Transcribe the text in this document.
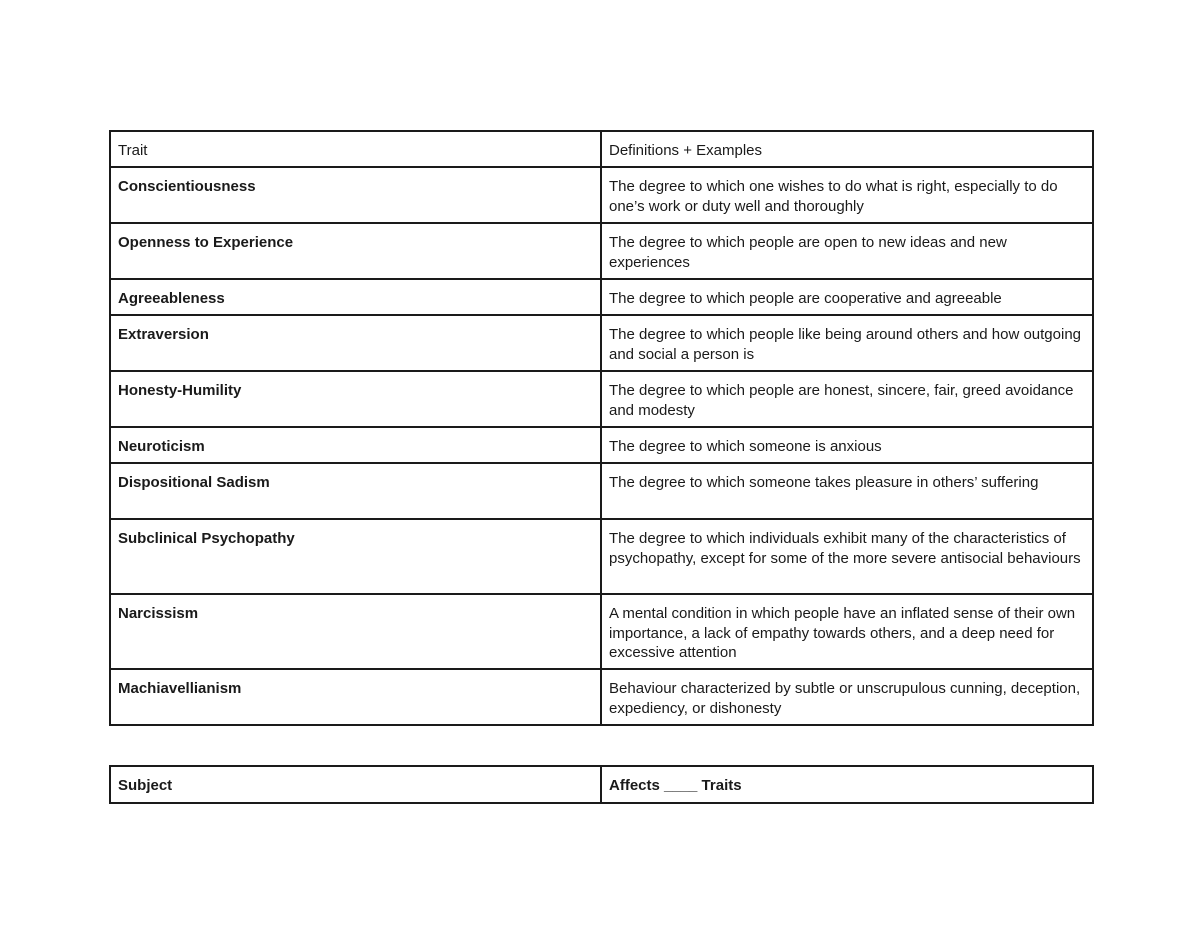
Trait	Definitions + Examples
Conscientiousness	The degree to which one wishes to do what is right, especially to do one’s work or duty well and thoroughly
Openness to Experience	The degree to which people are open to new ideas and new experiences
Agreeableness	The degree to which people are cooperative and agreeable
Extraversion	The degree to which people like being around others and how outgoing and social a person is
Honesty-Humility	The degree to which people are honest, sincere, fair, greed avoidance and modesty
Neuroticism	The degree to which someone is anxious
Dispositional Sadism	The degree to which someone takes pleasure in others’ suffering
Subclinical Psychopathy	The degree to which individuals exhibit many of the characteristics of psychopathy, except for some of the more severe antisocial behaviours
Narcissism	A mental condition in which people have an inflated sense of their own importance, a lack of empathy towards others, and a deep need for excessive attention
Machiavellianism	Behaviour characterized by subtle or unscrupulous cunning, deception, expediency, or dishonesty
Subject	Affects ____ Traits
